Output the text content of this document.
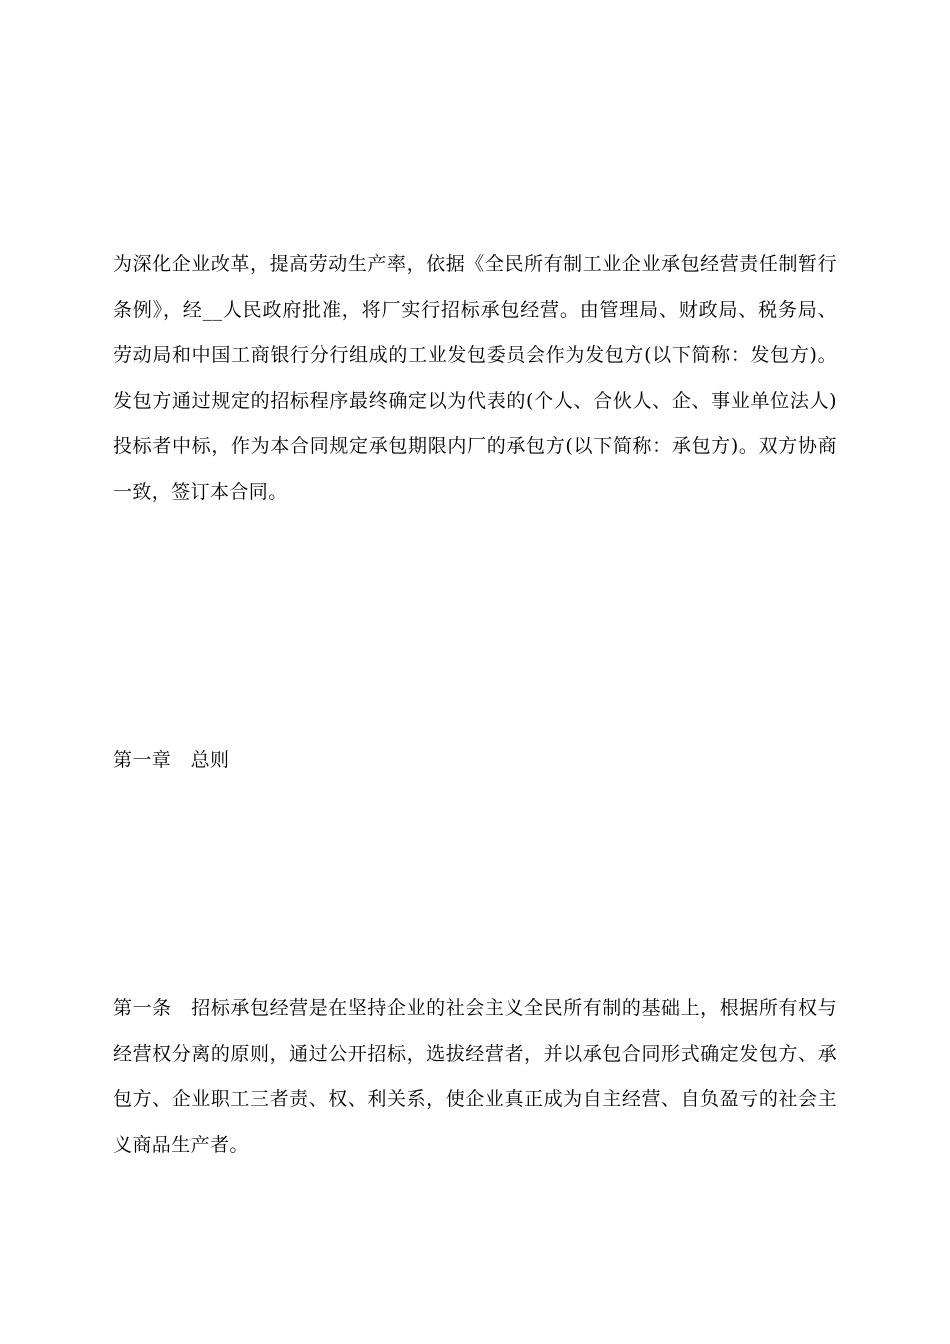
为深化企业改革，提高劳动生产率，依据《全民所有制工业企业承包经营责任制暂行条例》，经__人民政府批准，将厂实行招标承包经营。由管理局、财政局、税务局、劳动局和中国工商银行分行组成的工业发包委员会作为发包方(以下简称：发包方)。发包方通过规定的招标程序最终确定以为代表的(个人、合伙人、企、事业单位法人)投标者中标，作为本合同规定承包期限内厂的承包方(以下简称：承包方)。双方协商一致，签订本合同。

第一章　总则

第一条　招标承包经营是在坚持企业的社会主义全民所有制的基础上，根据所有权与经营权分离的原则，通过公开招标，选拔经营者，并以承包合同形式确定发包方、承包方、企业职工三者责、权、利关系，使企业真正成为自主经营、自负盈亏的社会主义商品生产者。
